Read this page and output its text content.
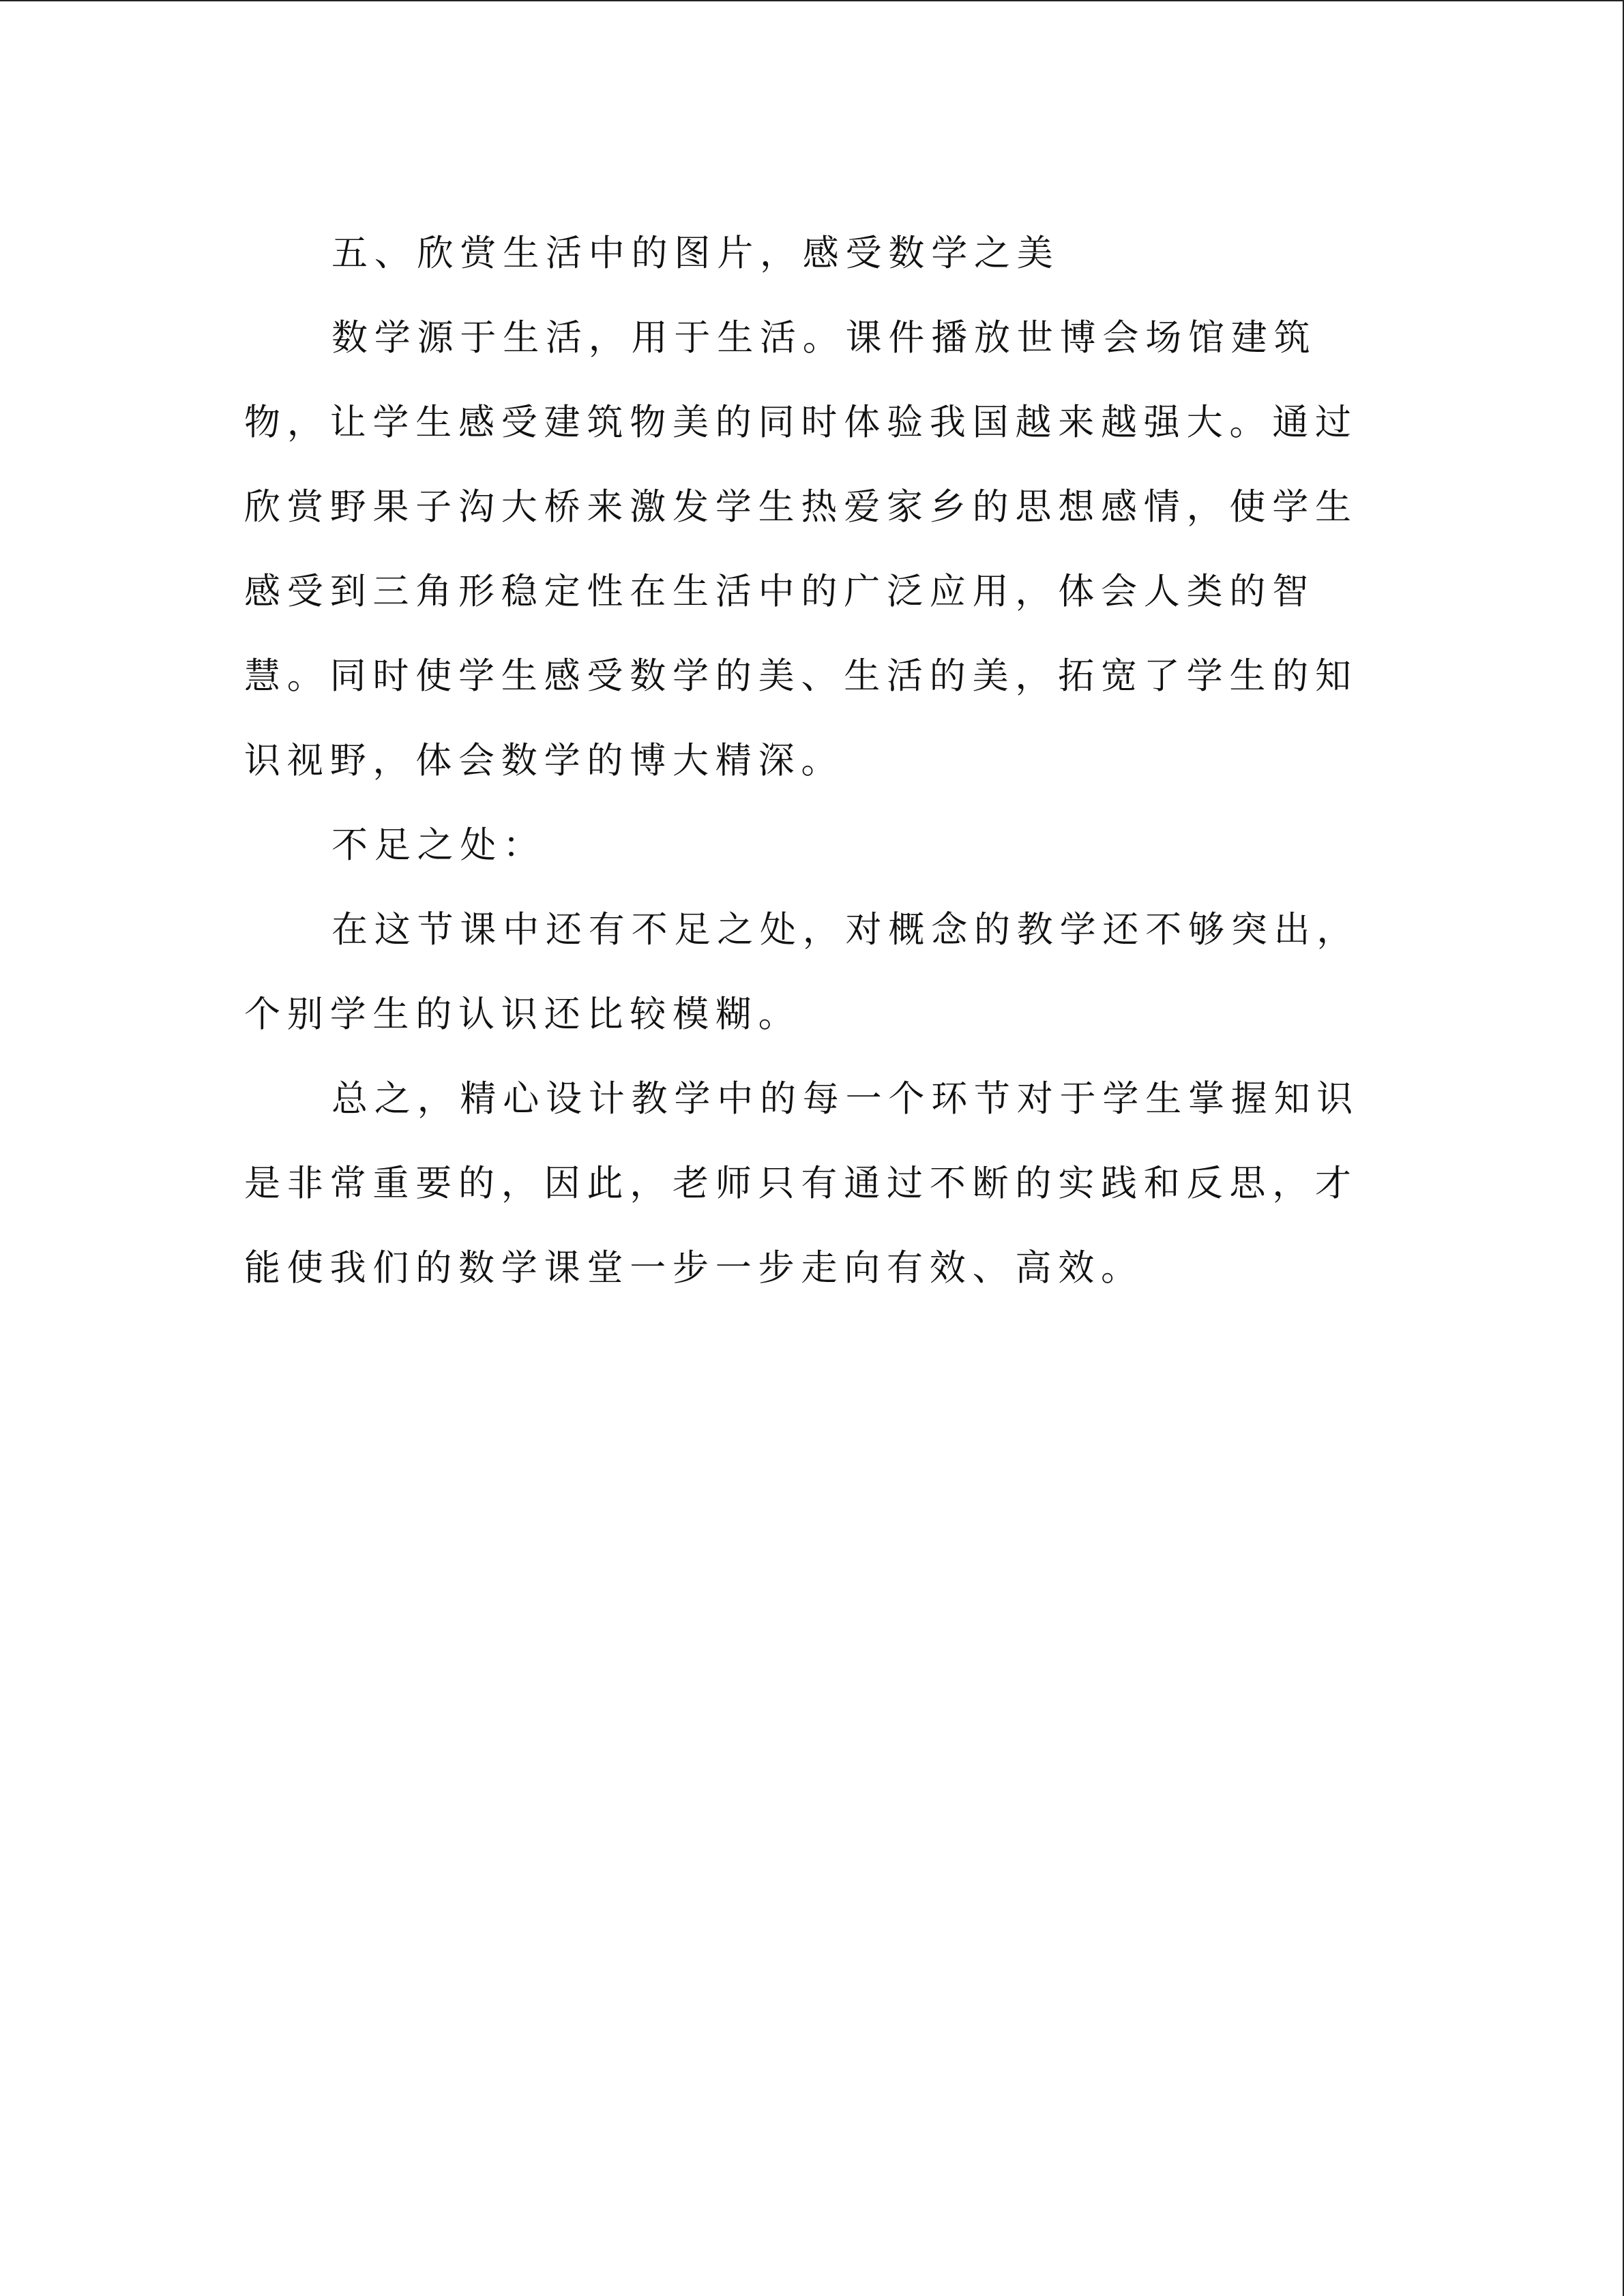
五、欣赏生活中的图片，感受数学之美
数学源于生活，用于生活。课件播放世博会场馆建筑
物，让学生感受建筑物美的同时体验我国越来越强大。通过
欣赏野果子沟大桥来激发学生热爱家乡的思想感情，使学生
感受到三角形稳定性在生活中的广泛应用，体会人类的智
慧。同时使学生感受数学的美、生活的美，拓宽了学生的知
识视野，体会数学的博大精深。
不足之处：
在这节课中还有不足之处，对概念的教学还不够突出，
个别学生的认识还比较模糊。
总之，精心设计教学中的每一个环节对于学生掌握知识
是非常重要的，因此，老师只有通过不断的实践和反思，才
能使我们的数学课堂一步一步走向有效、高效。
